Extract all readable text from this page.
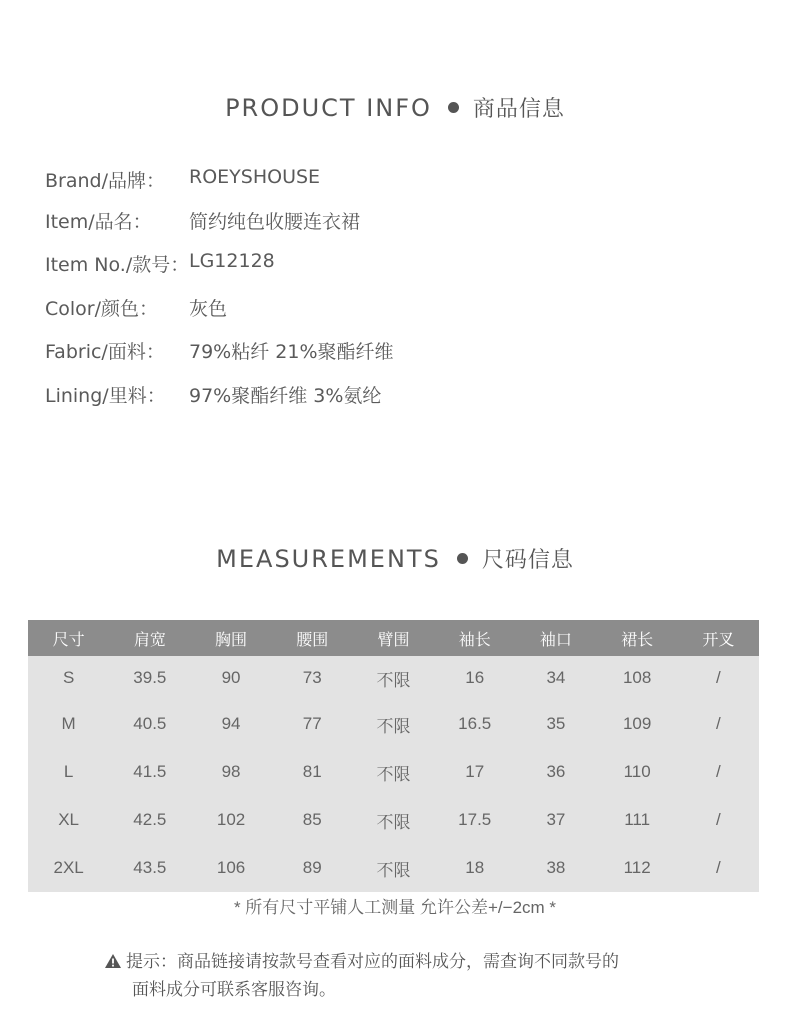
PRODUCT INFO 商品信息
Brand/品牌： ROEYSHOUSE
Item/品名： 简约纯色收腰连衣裙
Item No./款号： LG12128
Color/颜色： 灰色
Fabric/面料： 79%粘纤 21%聚酯纤维
Lining/里料： 97%聚酯纤维 3%氨纶
MEASUREMENTS 尺码信息
尺寸	肩宽	胸围	腰围	臂围	袖长	袖口	裙长	开叉
S	39.5	90	73	不限	16	34	108	/
M	40.5	94	77	不限	16.5	35	109	/
L	41.5	98	81	不限	17	36	110	/
XL	42.5	102	85	不限	17.5	37	111	/
2XL	43.5	106	89	不限	18	38	112	/
* 所有尺寸平铺人工测量 允许公差+/−2cm *
提示：商品链接请按款号查看对应的面料成分，需查询不同款号的
面料成分可联系客服咨询。
